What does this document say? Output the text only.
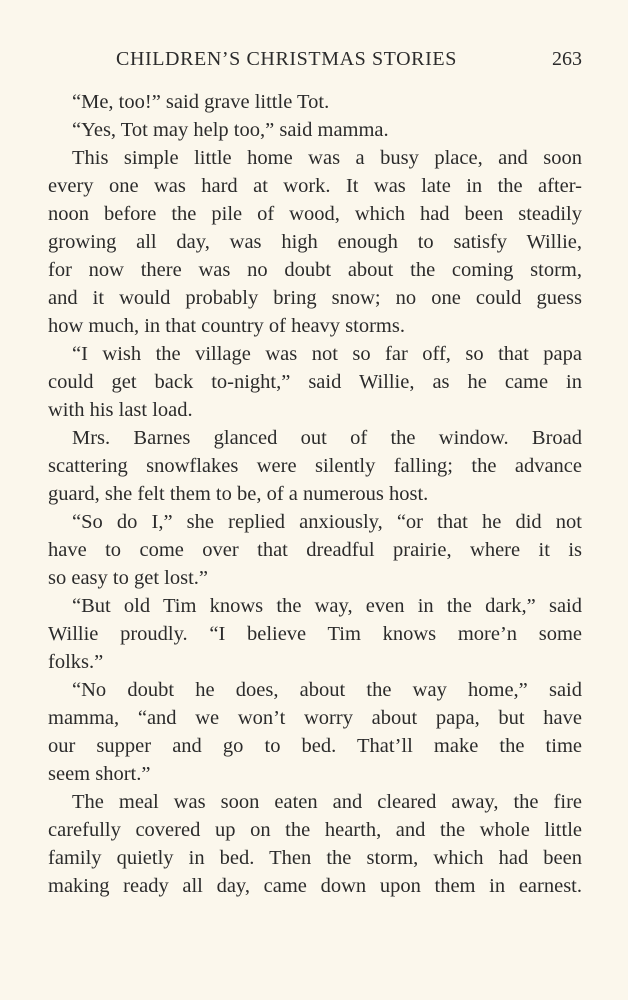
CHILDREN’S CHRISTMAS STORIES	263
“Me, too!” said grave little Tot.
“Yes, Tot may help too,” said mamma.
This simple little home was a busy place, and soon
every one was hard at work. It was late in the after-
noon before the pile of wood, which had been steadily
growing all day, was high enough to satisfy Willie,
for now there was no doubt about the coming storm,
and it would probably bring snow; no one could guess
how much, in that country of heavy storms.
“I wish the village was not so far off, so that papa
could get back to-night,” said Willie, as he came in
with his last load.
Mrs. Barnes glanced out of the window. Broad
scattering snowflakes were silently falling; the advance
guard, she felt them to be, of a numerous host.
“So do I,” she replied anxiously, “or that he did not
have to come over that dreadful prairie, where it is
so easy to get lost.”
“But old Tim knows the way, even in the dark,” said
Willie proudly. “I believe Tim knows more’n some
folks.”
“No doubt he does, about the way home,” said
mamma, “and we won’t worry about papa, but have
our supper and go to bed. That’ll make the time
seem short.”
The meal was soon eaten and cleared away, the fire
carefully covered up on the hearth, and the whole little
family quietly in bed. Then the storm, which had been
making ready all day, came down upon them in earnest.
